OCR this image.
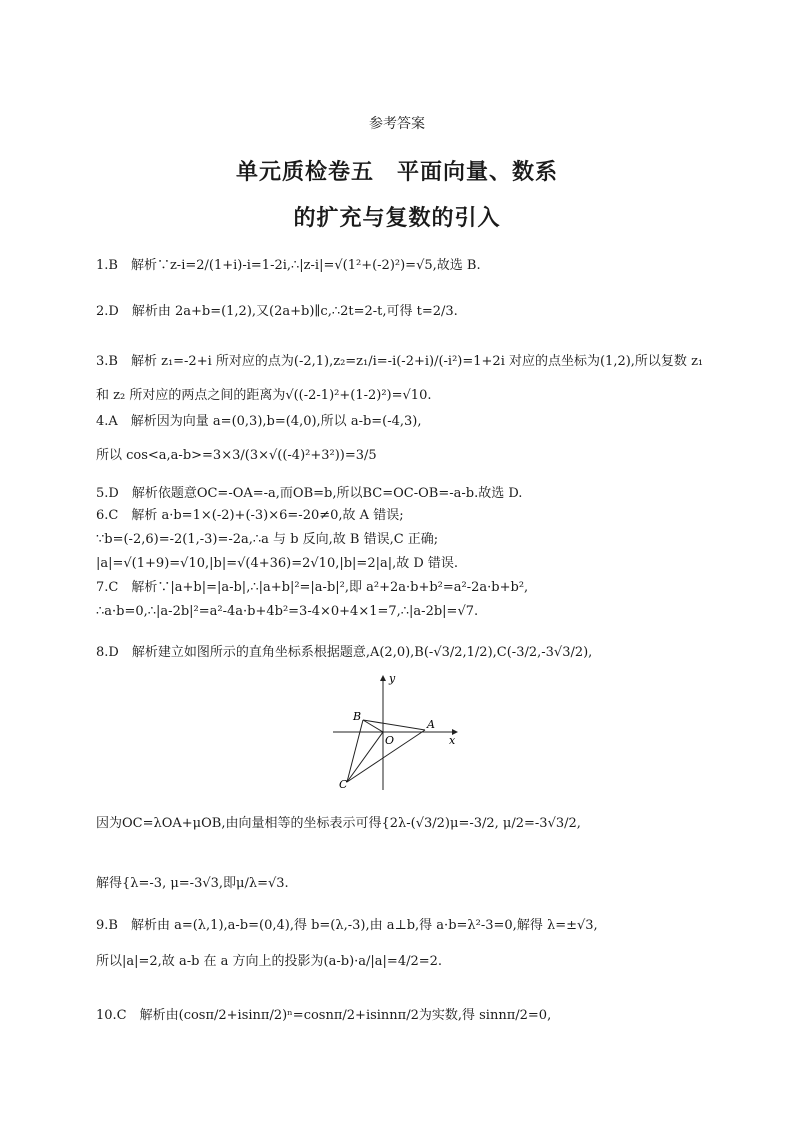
参考答案
单元质检卷五　平面向量、数系
的扩充与复数的引入
1.B　解析∵z-i=2/(1+i)-i=1-2i,∴|z-i|=√(1²+(-2)²)=√5,故选 B.
2.D　解析由 2a+b=(1,2),又(2a+b)∥c,∴2t=2-t,可得 t=2/3.
3.B　解析 z₁=-2+i 所对应的点为(-2,1),z₂=z₁/i=-i(-2+i)/(-i²)=1+2i 对应的点坐标为(1,2),所以复数 z₁
和 z₂ 所对应的两点之间的距离为√((-2-1)²+(1-2)²)=√10.
4.A　解析因为向量 a=(0,3),b=(4,0),所以 a-b=(-4,3),
所以 cos<a,a-b>=3×3/(3×√((-4)²+3²))=3/5
5.D　解析依题意OC=-OA=-a,而OB=b,所以BC=OC-OB=-a-b.故选 D.
6.C　解析 a·b=1×(-2)+(-3)×6=-20≠0,故 A 错误;
∵b=(-2,6)=-2(1,-3)=-2a,∴a 与 b 反向,故 B 错误,C 正确;
|a|=√(1+9)=√10,|b|=√(4+36)=2√10,|b|=2|a|,故 D 错误.
7.C　解析∵|a+b|=|a-b|,∴|a+b|²=|a-b|²,即 a²+2a·b+b²=a²-2a·b+b²,
∴a·b=0,∴|a-2b|²=a²-4a·b+4b²=3-4×0+4×1=7,∴|a-2b|=√7.
8.D　解析建立如图所示的直角坐标系根据题意,A(2,0),B(-√3/2,1/2),C(-3/2,-3√3/2),
y
x
O
A
B
C
因为OC=λOA+μOB,由向量相等的坐标表示可得{2λ-(√3/2)μ=-3/2, μ/2=-3√3/2,
解得{λ=-3, μ=-3√3,即μ/λ=√3.
9.B　解析由 a=(λ,1),a-b=(0,4),得 b=(λ,-3),由 a⊥b,得 a·b=λ²-3=0,解得 λ=±√3,
所以|a|=2,故 a-b 在 a 方向上的投影为(a-b)·a/|a|=4/2=2.
10.C　解析由(cosπ/2+isinπ/2)ⁿ=cosnπ/2+isinnπ/2为实数,得 sinnπ/2=0,
